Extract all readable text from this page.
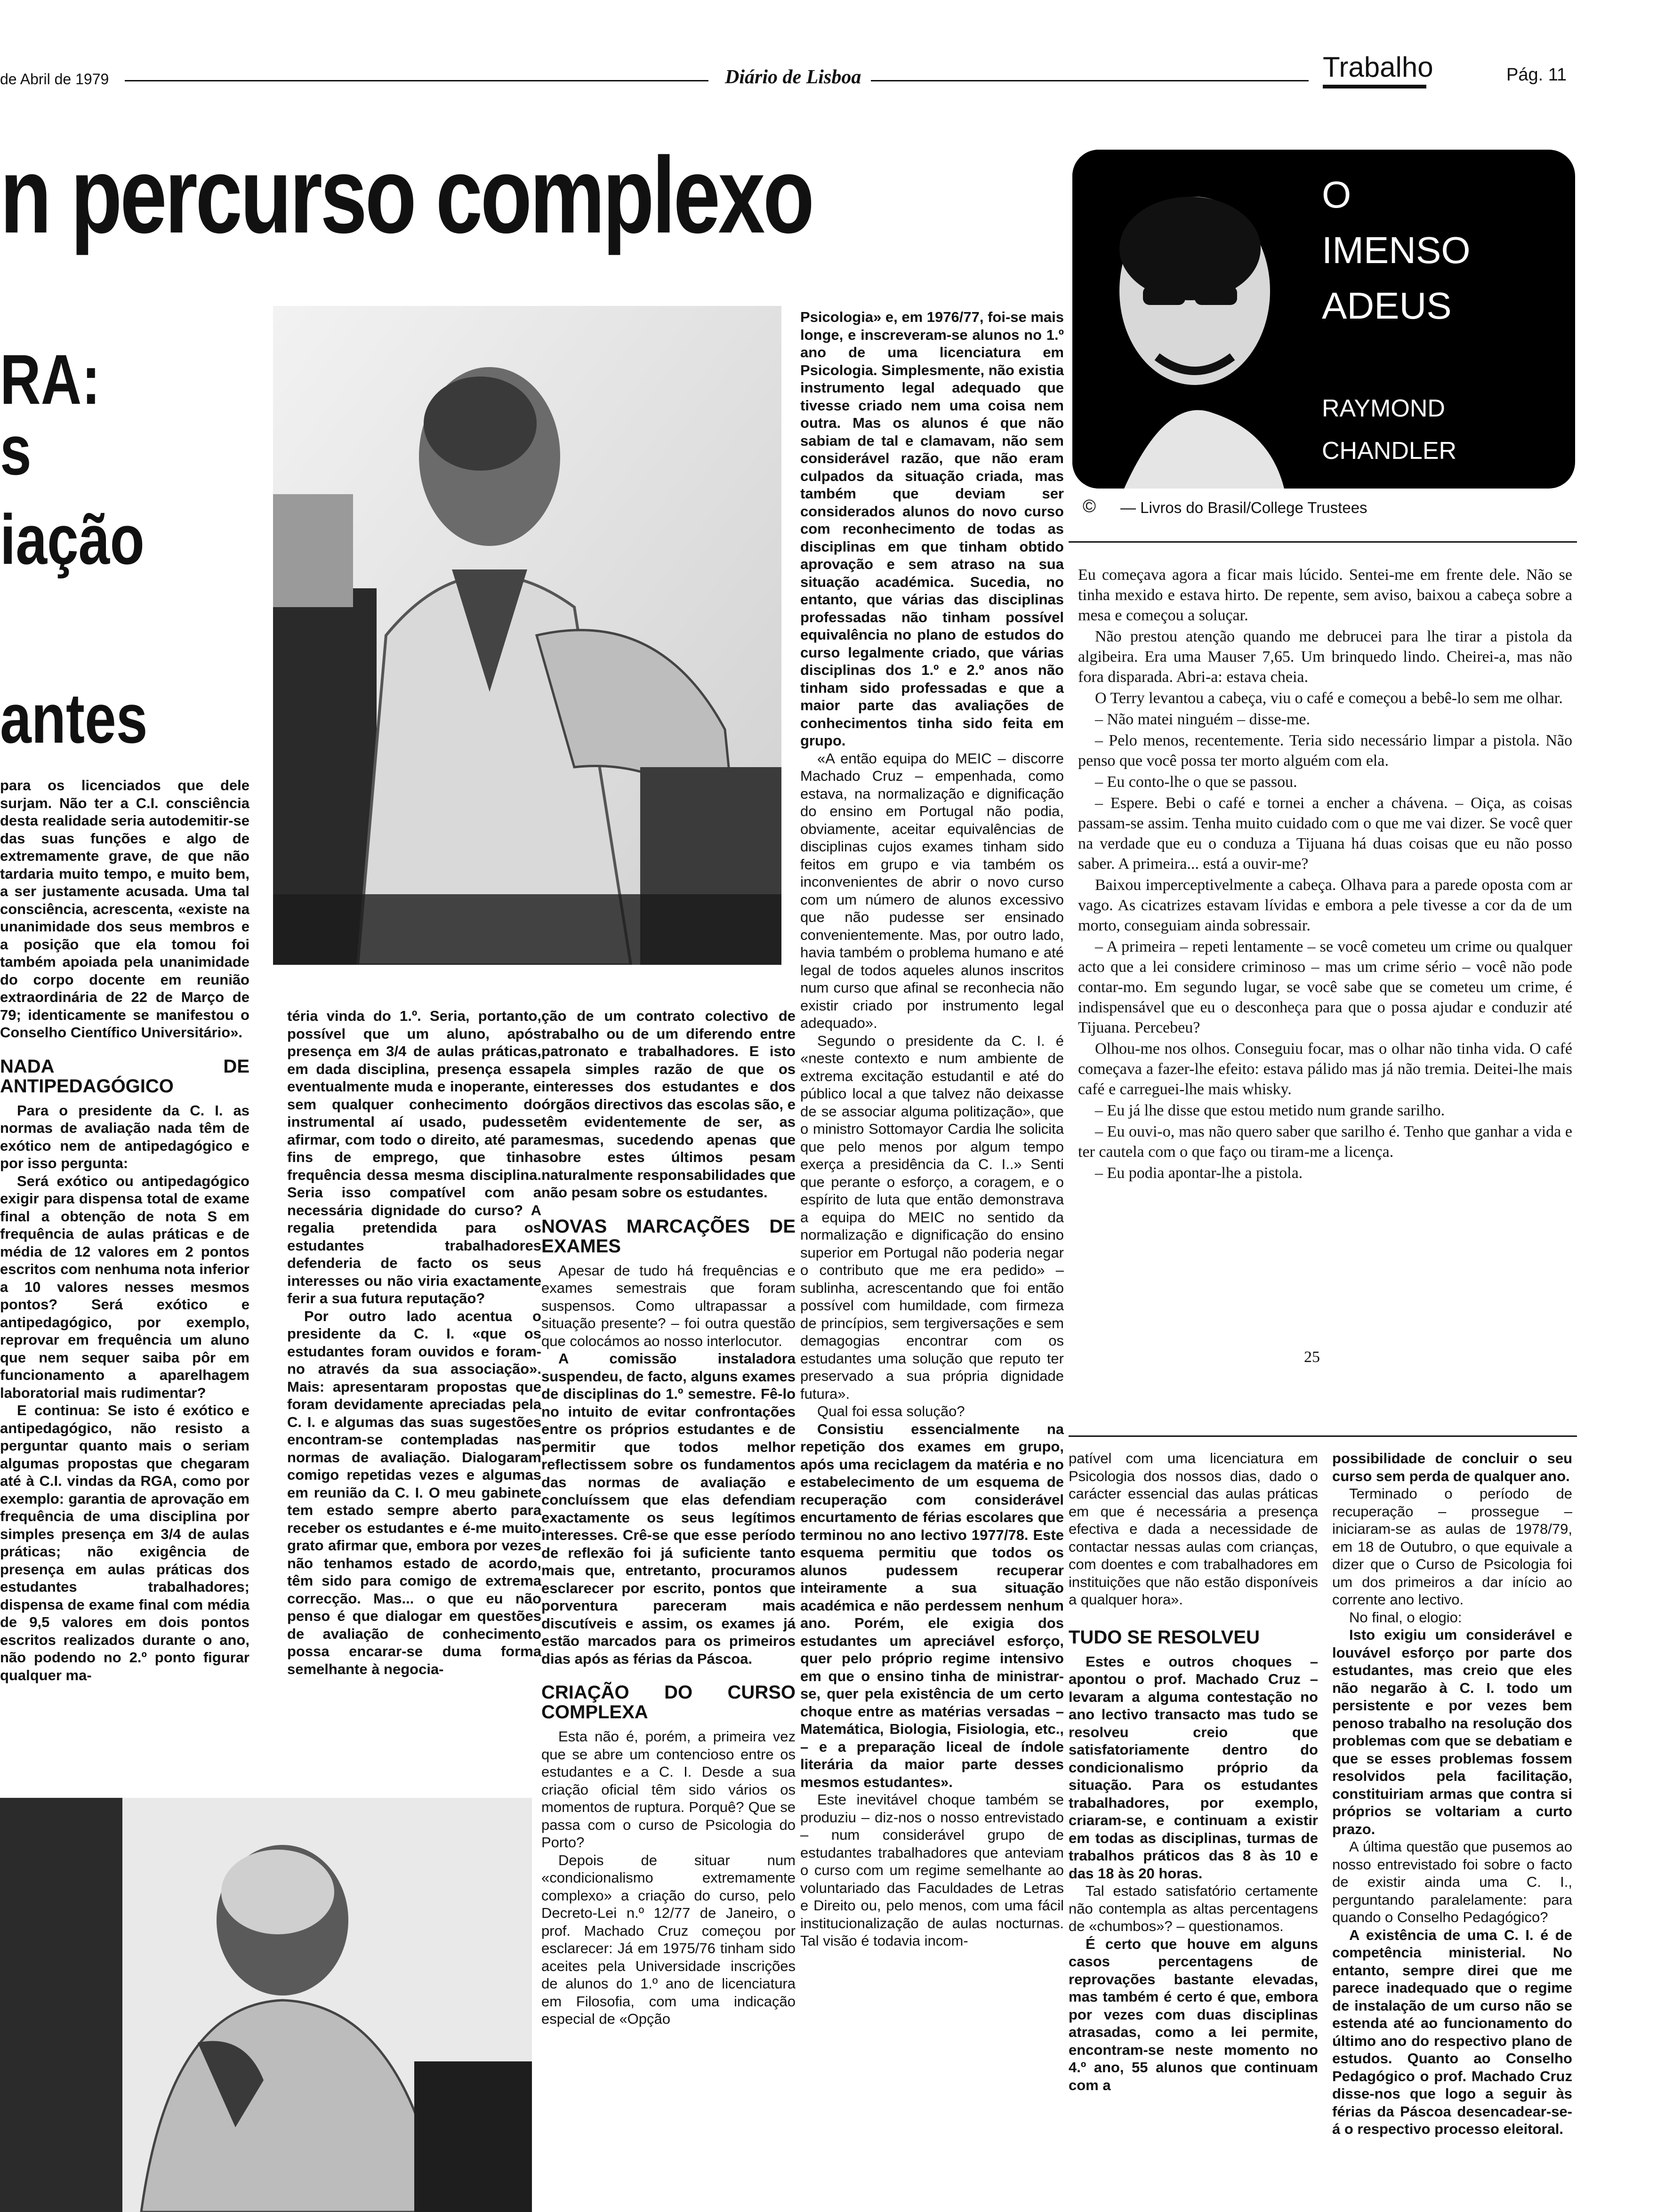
de Abril de 1979	Diário de Lisboa	Trabalho	Pág. 11
n percurso complexo
RA:
s
iação
antes

para os licenciados que dele surjam. Não ter a C.I. consciência desta realidade seria autodemitir-se das suas funções e algo de extremamente grave, de que não tardaria muito tempo, e muito bem, a ser justamente acusada. Uma tal consciência, acrescenta, «existe na unanimidade dos seus membros e a posição que ela tomou foi também apoiada pela unanimidade do corpo docente em reunião extraordinária de 22 de Março de 79; identicamente se manifestou o Conselho Científico Universitário».

NADA DE ANTIPEDAGÓGICO

Para o presidente da C. I. as normas de avaliação nada têm de exótico nem de antipedagógico e por isso pergunta:

Será exótico ou antipedagógico exigir para dispensa total de exame final a obtenção de nota S em frequência de aulas práticas e de média de 12 valores em 2 pontos escritos com nenhuma nota inferior a 10 valores nesses mesmos pontos? Será exótico e antipedagógico, por exemplo, reprovar em frequência um aluno que nem sequer saiba pôr em funcionamento a aparelhagem laboratorial mais rudimentar?

E continua: Se isto é exótico e antipedagógico, não resisto a perguntar quanto mais o seriam algumas propostas que chegaram até à C.I. vindas da RGA, como por exemplo: garantia de aprovação em frequência de uma disciplina por simples presença em 3/4 de aulas práticas; não exigência de presença em aulas práticas dos estudantes trabalhadores; dispensa de exame final com média de 9,5 valores em dois pontos escritos realizados durante o ano, não podendo no 2.º ponto figurar qualquer ma-

téria vinda do 1.º. Seria, portanto, possível que um aluno, após presença em 3/4 de aulas práticas, em dada disciplina, presença essa eventualmente muda e inoperante, e sem qualquer conhecimento do instrumental aí usado, pudesse afirmar, com todo o direito, até para fins de emprego, que tinha frequência dessa mesma disciplina. Seria isso compatível com a necessária dignidade do curso? A regalia pretendida para os estudantes trabalhadores defenderia de facto os seus interesses ou não viria exactamente ferir a sua futura reputação?

Por outro lado acentua o presidente da C. I. «que os estudantes foram ouvidos e foram-no através da sua associação». Mais: apresentaram propostas que foram devidamente apreciadas pela C. I. e algumas das suas sugestões encontram-se contempladas nas normas de avaliação. Dialogaram comigo repetidas vezes e algumas em reunião da C. I. O meu gabinete tem estado sempre aberto para receber os estudantes e é-me muito grato afirmar que, embora por vezes não tenhamos estado de acordo, têm sido para comigo de extrema correcção. Mas... o que eu não penso é que dialogar em questões de avaliação de conhecimento possa encarar-se duma forma semelhante à negocia-

ção de um contrato colectivo de trabalho ou de um diferendo entre patronato e trabalhadores. E isto pela simples razão de que os interesses dos estudantes e dos órgãos directivos das escolas são, e têm evidentemente de ser, as mesmas, sucedendo apenas que sobre estes últimos pesam naturalmente responsabilidades que não pesam sobre os estudantes.

NOVAS MARCAÇÕES DE EXAMES

Apesar de tudo há frequências e exames semestrais que foram suspensos. Como ultrapassar a situação presente? – foi outra questão que colocámos ao nosso interlocutor.

A comissão instaladora suspendeu, de facto, alguns exames de disciplinas do 1.º semestre. Fê-lo no intuito de evitar confrontações entre os próprios estudantes e de permitir que todos melhor reflectissem sobre os fundamentos das normas de avaliação e concluíssem que elas defendiam exactamente os seus legítimos interesses. Crê-se que esse período de reflexão foi já suficiente tanto mais que, entretanto, procuramos esclarecer por escrito, pontos que porventura pareceram mais discutíveis e assim, os exames já estão marcados para os primeiros dias após as férias da Páscoa.

CRIAÇÃO DO CURSO COMPLEXA

Esta não é, porém, a primeira vez que se abre um contencioso entre os estudantes e a C. I. Desde a sua criação oficial têm sido vários os momentos de ruptura. Porquê? Que se passa com o curso de Psicologia do Porto?

Depois de situar num «condicionalismo extremamente complexo» a criação do curso, pelo Decreto-Lei n.º 12/77 de Janeiro, o prof. Machado Cruz começou por esclarecer: Já em 1975/76 tinham sido aceites pela Universidade inscrições de alunos do 1.º ano de licenciatura em Filosofia, com uma indicação especial de «Opção

Psicologia» e, em 1976/77, foi-se mais longe, e inscreveram-se alunos no 1.º ano de uma licenciatura em Psicologia. Simplesmente, não existia instrumento legal adequado que tivesse criado nem uma coisa nem outra. Mas os alunos é que não sabiam de tal e clamavam, não sem considerável razão, que não eram culpados da situação criada, mas também que deviam ser considerados alunos do novo curso com reconhecimento de todas as disciplinas em que tinham obtido aprovação e sem atraso na sua situação académica. Sucedia, no entanto, que várias das disciplinas professadas não tinham possível equivalência no plano de estudos do curso legalmente criado, que várias disciplinas dos 1.º e 2.º anos não tinham sido professadas e que a maior parte das avaliações de conhecimentos tinha sido feita em grupo.

«A então equipa do MEIC – discorre Machado Cruz – empenhada, como estava, na normalização e dignificação do ensino em Portugal não podia, obviamente, aceitar equivalências de disciplinas cujos exames tinham sido feitos em grupo e via também os inconvenientes de abrir o novo curso com um número de alunos excessivo que não pudesse ser ensinado convenientemente. Mas, por outro lado, havia também o problema humano e até legal de todos aqueles alunos inscritos num curso que afinal se reconhecia não existir criado por instrumento legal adequado».

Segundo o presidente da C. I. é «neste contexto e num ambiente de extrema excitação estudantil e até do público local a que talvez não deixasse de se associar alguma politização», que o ministro Sottomayor Cardia lhe solicita que pelo menos por algum tempo exerça a presidência da C. I..» Senti que perante o esforço, a coragem, e o espírito de luta que então demonstrava a equipa do MEIC no sentido da normalização e dignificação do ensino superior em Portugal não poderia negar o contributo que me era pedido» – sublinha, acrescentando que foi então possível com humildade, com firmeza de princípios, sem tergiversações e sem demagogias encontrar com os estudantes uma solução que reputo ter preservado a sua própria dignidade futura».

Qual foi essa solução?

Consistiu essencialmente na repetição dos exames em grupo, após uma reciclagem da matéria e no estabelecimento de um esquema de recuperação com considerável encurtamento de férias escolares que terminou no ano lectivo 1977/78. Este esquema permitiu que todos os alunos pudessem recuperar inteiramente a sua situação académica e não perdessem nenhum ano. Porém, ele exigia dos estudantes um apreciável esforço, quer pelo próprio regime intensivo em que o ensino tinha de ministrar-se, quer pela existência de um certo choque entre as matérias versadas – Matemática, Biologia, Fisiologia, etc., – e a preparação liceal de índole literária da maior parte desses mesmos estudantes».

Este inevitável choque também se produziu – diz-nos o nosso entrevistado – num considerável grupo de estudantes trabalhadores que anteviam o curso com um regime semelhante ao voluntariado das Faculdades de Letras e Direito ou, pelo menos, com uma fácil institucionalização de aulas nocturnas. Tal visão é todavia incom-

O
IMENSO
ADEUS
RAYMOND
CHANDLER
© — Livros do Brasil/College Trustees

Eu começava agora a ficar mais lúcido. Sentei-me em frente dele. Não se tinha mexido e estava hirto. De repente, sem aviso, baixou a cabeça sobre a mesa e começou a soluçar.

Não prestou atenção quando me debrucei para lhe tirar a pistola da algibeira. Era uma Mauser 7,65. Um brinquedo lindo. Cheirei-a, mas não fora disparada. Abri-a: estava cheia.

O Terry levantou a cabeça, viu o café e começou a bebê-lo sem me olhar.

– Não matei ninguém – disse-me.

– Pelo menos, recentemente. Teria sido necessário limpar a pistola. Não penso que você possa ter morto alguém com ela.

– Eu conto-lhe o que se passou.

– Espere. Bebi o café e tornei a encher a chávena. – Oiça, as coisas passam-se assim. Tenha muito cuidado com o que me vai dizer. Se você quer na verdade que eu o conduza a Tijuana há duas coisas que eu não posso saber. A primeira... está a ouvir-me?

Baixou imperceptivelmente a cabeça. Olhava para a parede oposta com ar vago. As cicatrizes estavam lívidas e embora a pele tivesse a cor da de um morto, conseguiam ainda sobressair.

– A primeira – repeti lentamente – se você cometeu um crime ou qualquer acto que a lei considere criminoso – mas um crime sério – você não pode contar-mo. Em segundo lugar, se você sabe que se cometeu um crime, é indispensável que eu o desconheça para que o possa ajudar e conduzir até Tijuana. Percebeu?

Olhou-me nos olhos. Conseguiu focar, mas o olhar não tinha vida. O café começava a fazer-lhe efeito: estava pálido mas já não tremia. Deitei-lhe mais café e carreguei-lhe mais whisky.

– Eu já lhe disse que estou metido num grande sarilho.

– Eu ouvi-o, mas não quero saber que sarilho é. Tenho que ganhar a vida e ter cautela com o que faço ou tiram-me a licença.

– Eu podia apontar-lhe a pistola.

25

patível com uma licenciatura em Psicologia dos nossos dias, dado o carácter essencial das aulas práticas em que é necessária a presença efectiva e dada a necessidade de contactar nessas aulas com crianças, com doentes e com trabalhadores em instituições que não estão disponíveis a qualquer hora».

TUDO SE RESOLVEU

Estes e outros choques – apontou o prof. Machado Cruz – levaram a alguma contestação no ano lectivo transacto mas tudo se resolveu creio que satisfatoriamente dentro do condicionalismo próprio da situação. Para os estudantes trabalhadores, por exemplo, criaram-se, e continuam a existir em todas as disciplinas, turmas de trabalhos práticos das 8 às 10 e das 18 às 20 horas.

Tal estado satisfatório certamente não contempla as altas percentagens de «chumbos»? – questionamos.

É certo que houve em alguns casos percentagens de reprovações bastante elevadas, mas também é certo é que, embora por vezes com duas disciplinas atrasadas, como a lei permite, encontram-se neste momento no 4.º ano, 55 alunos que continuam com a

possibilidade de concluir o seu curso sem perda de qualquer ano.

Terminado o período de recuperação – prossegue – iniciaram-se as aulas de 1978/79, em 18 de Outubro, o que equivale a dizer que o Curso de Psicologia foi um dos primeiros a dar início ao corrente ano lectivo.

No final, o elogio:

Isto exigiu um considerável e louvável esforço por parte dos estudantes, mas creio que eles não negarão à C. I. todo um persistente e por vezes bem penoso trabalho na resolução dos problemas com que se debatiam e que se esses problemas fossem resolvidos pela facilitação, constituiriam armas que contra si próprios se voltariam a curto prazo.

A última questão que pusemos ao nosso entrevistado foi sobre o facto de existir ainda uma C. I., perguntando paralelamente: para quando o Conselho Pedagógico?

A existência de uma C. I. é de competência ministerial. No entanto, sempre direi que me parece inadequado que o regime de instalação de um curso não se estenda até ao funcionamento do último ano do respectivo plano de estudos. Quanto ao Conselho Pedagógico o prof. Machado Cruz disse-nos que logo a seguir às férias da Páscoa desencadear-se-á o respectivo processo eleitoral.
